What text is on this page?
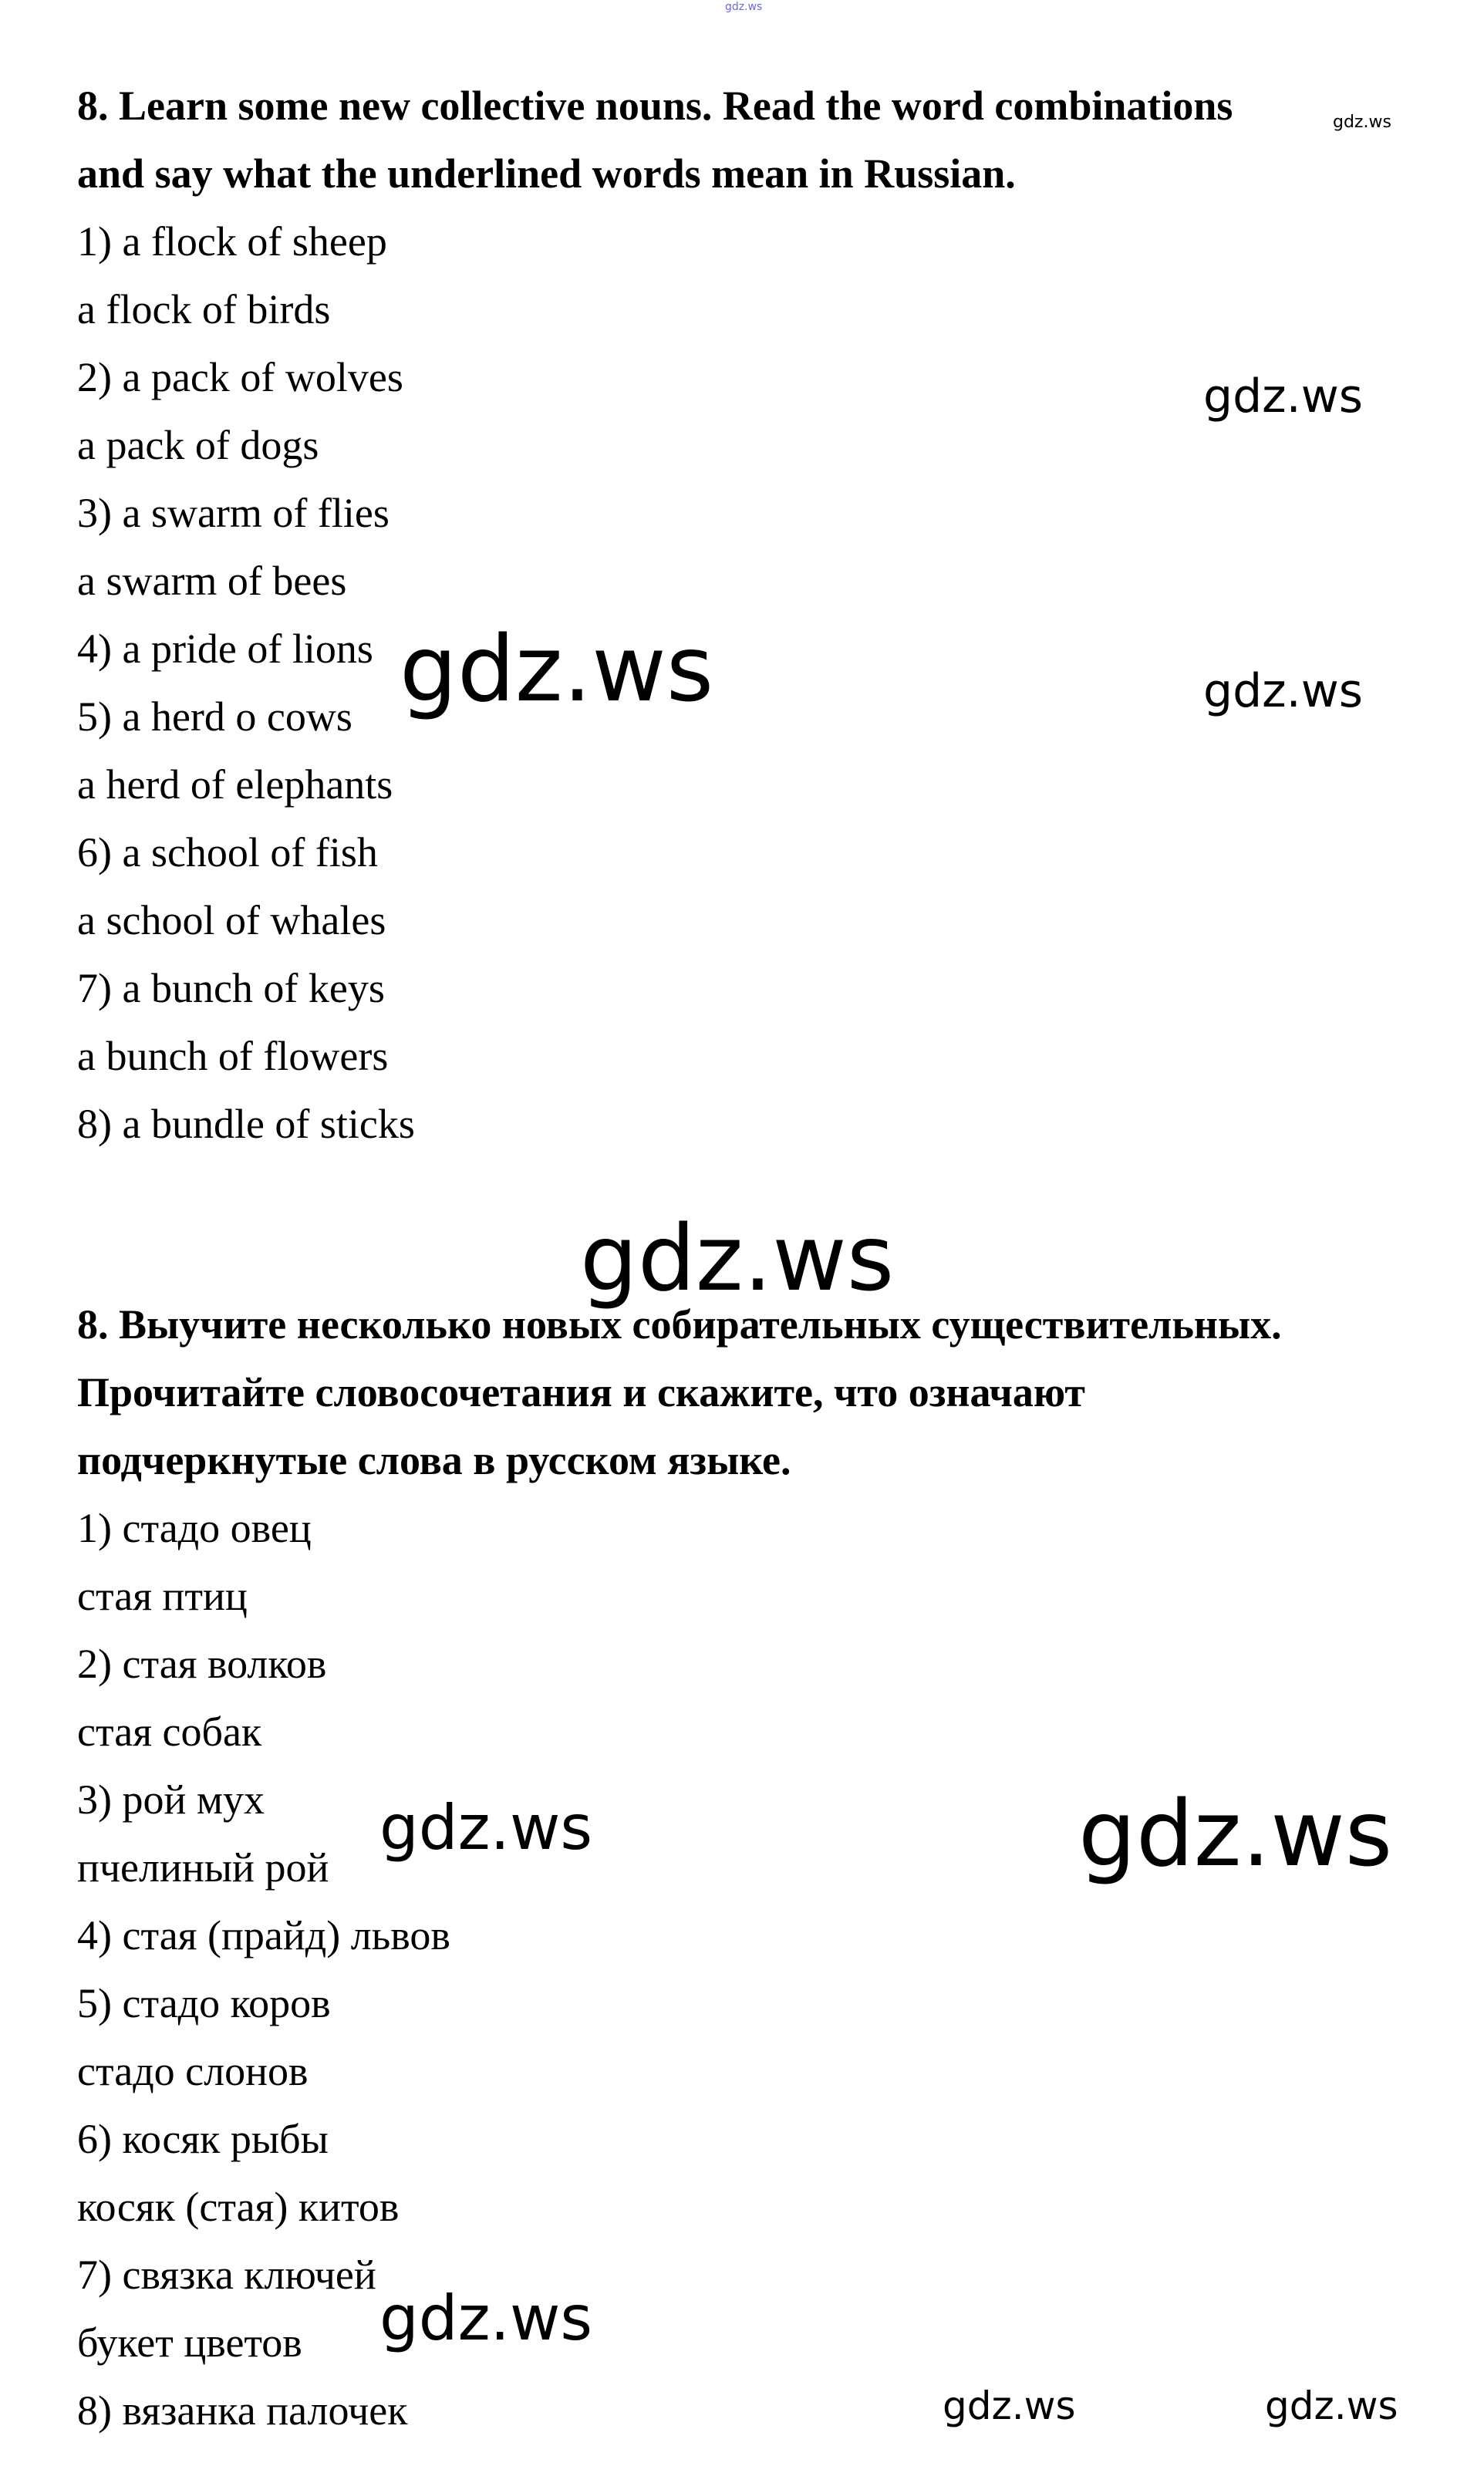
gdz.ws
8. Learn some new collective nouns. Read the word combinations	gdz.ws
and say what the underlined words mean in Russian.
1) a flock of sheep
a flock of birds
2) a pack of wolves
a pack of dogs
3) a swarm of flies
a swarm of bees
4) a pride of lions
5) a herd o cows
a herd of elephants
6) a school of fish
a school of whales
7) a bunch of keys
a bunch of flowers
8) a bundle of sticks
gdz.ws
gdz.ws	gdz.ws
gdz.ws
8. Выучите несколько новых собирательных существительных.
Прочитайте словосочетания и скажите, что означают
подчеркнутые слова в русском языке.
1) стадо овец
стая птиц
2) стая волков
стая собак
3) рой мух
пчелиный рой
4) стая (прайд) львов
5) стадо коров
стадо слонов
6) косяк рыбы
косяк (стая) китов
7) связка ключей
букет цветов
8) вязанка палочек
gdz.ws	gdz.ws
gdz.ws
gdz.ws	gdz.ws
